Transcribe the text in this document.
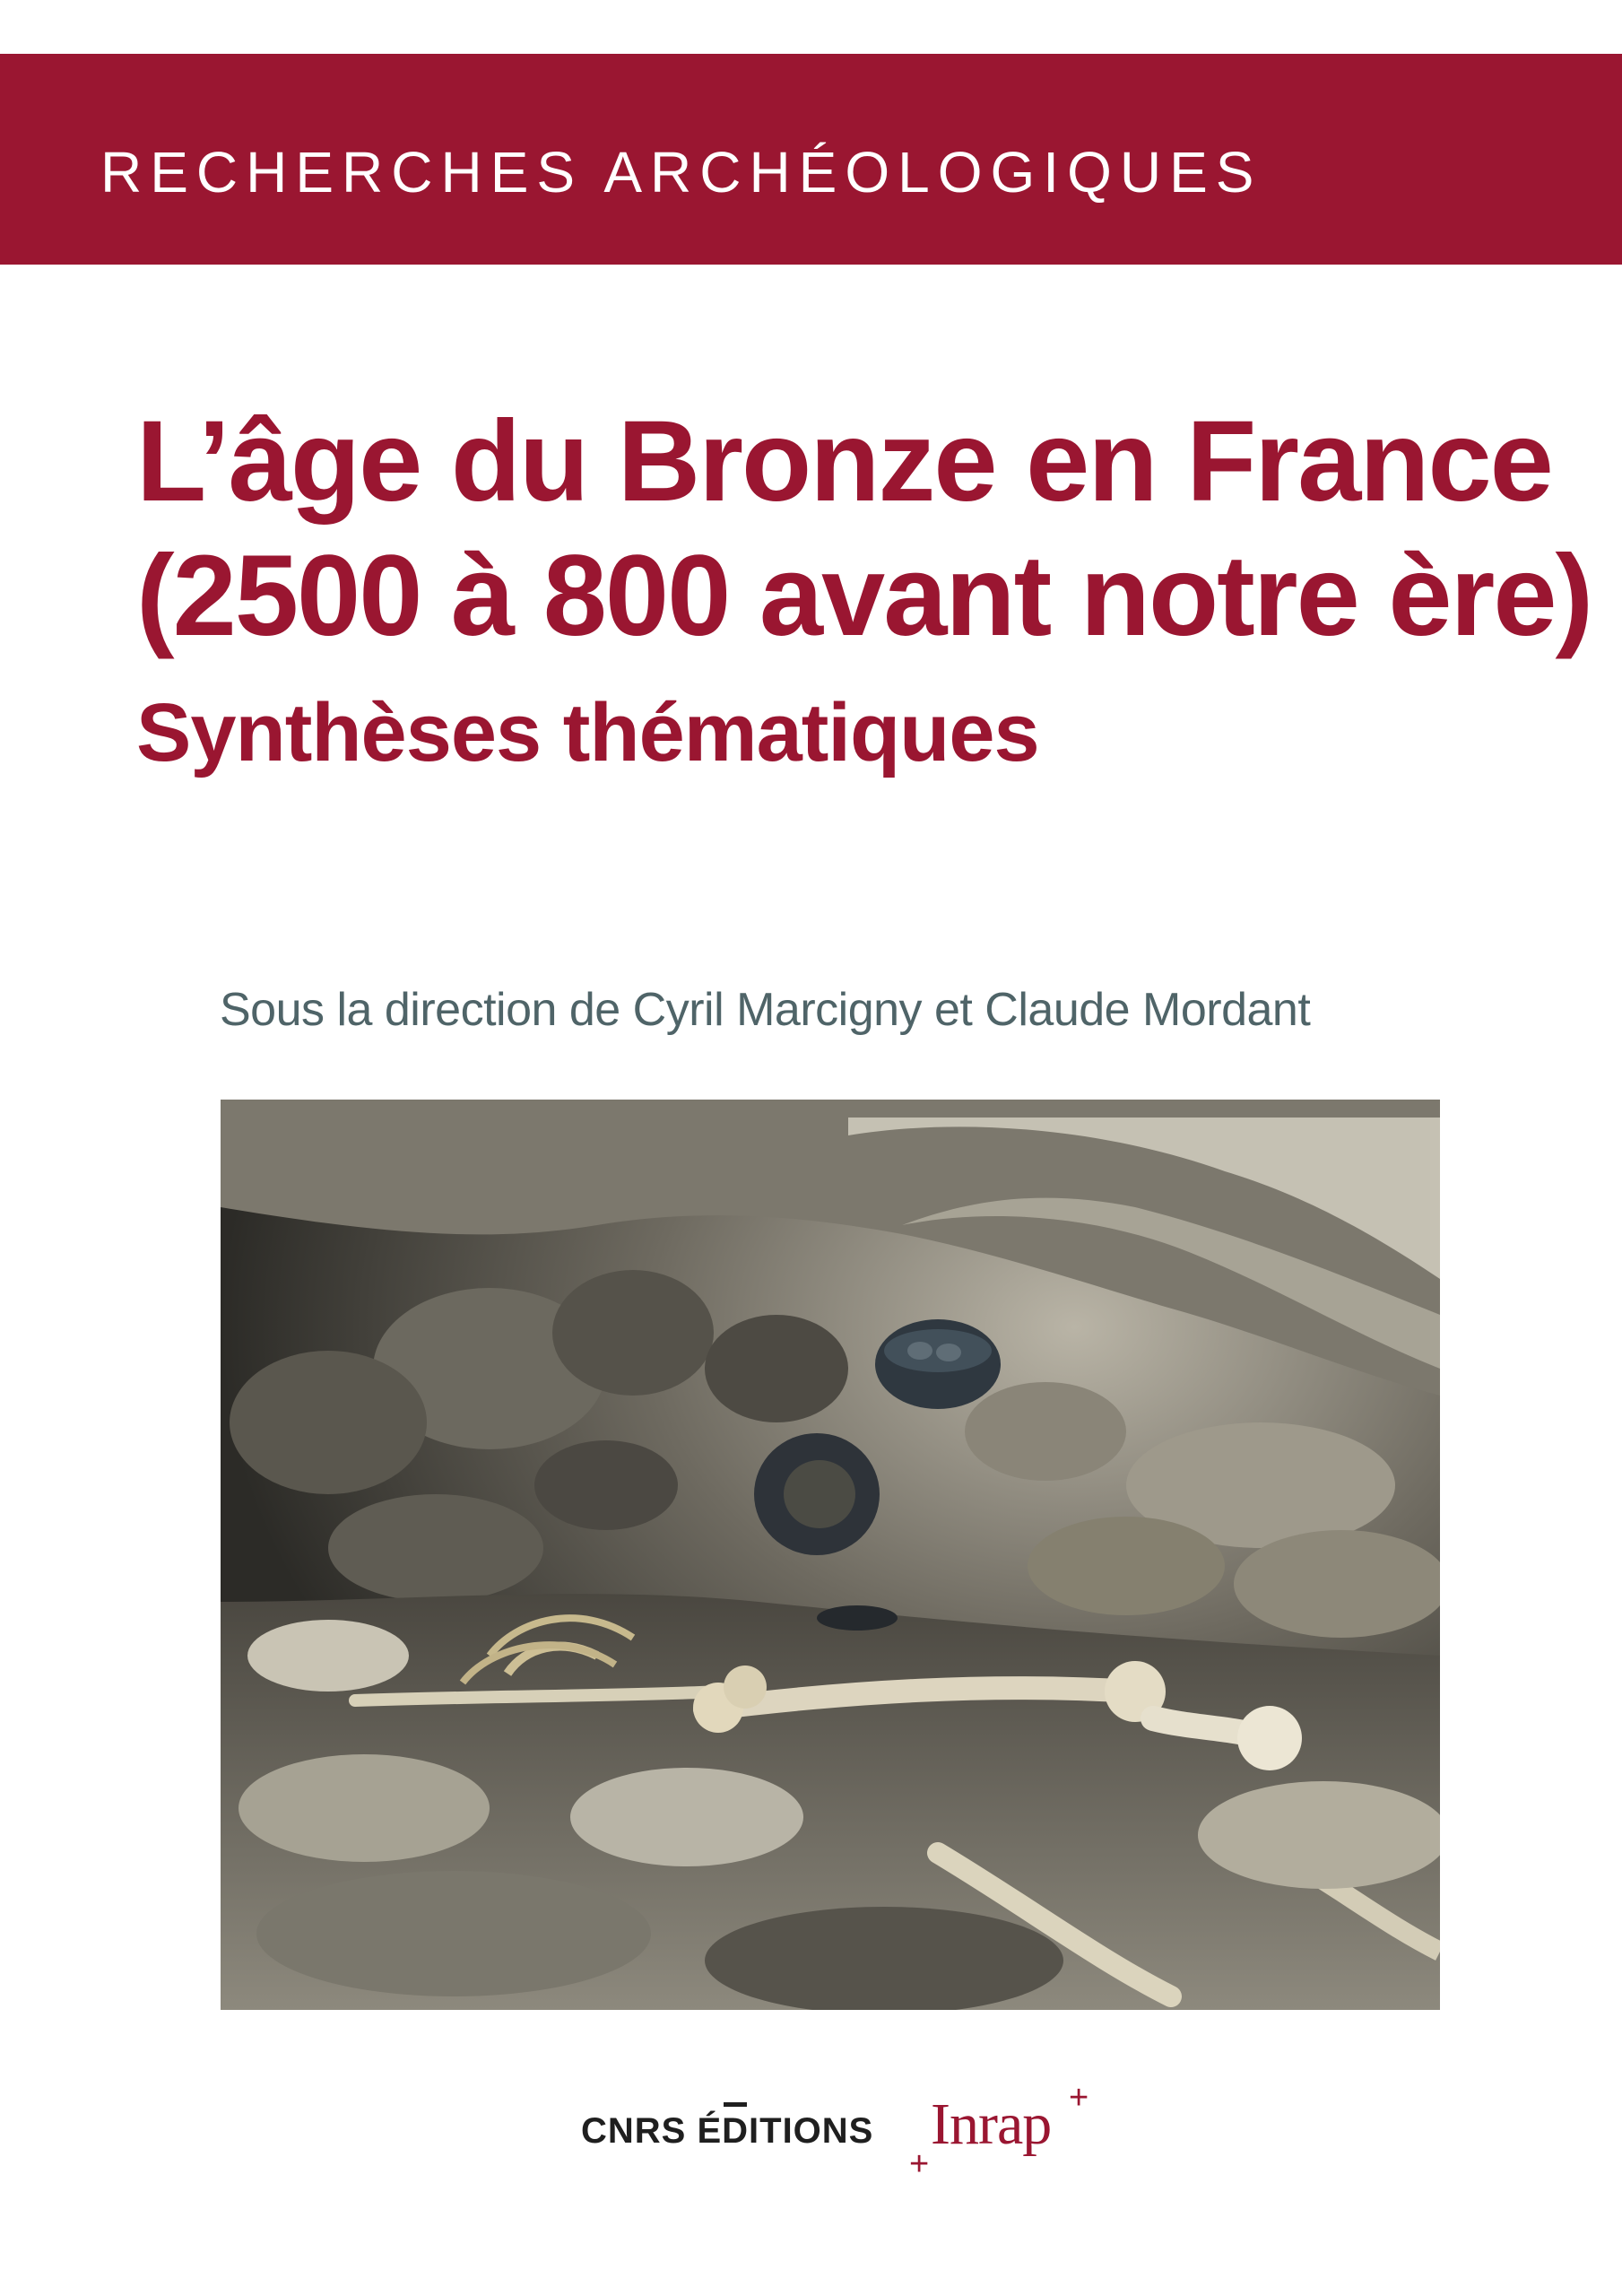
RECHERCHES ARCHÉOLOGIQUES
L’âge du Bronze en France
(2500 à 800 avant notre ère)
Synthèses thématiques
Sous la direction de Cyril Marcigny et Claude Mordant
CNRS ÉDITIONS Inrap +
+
